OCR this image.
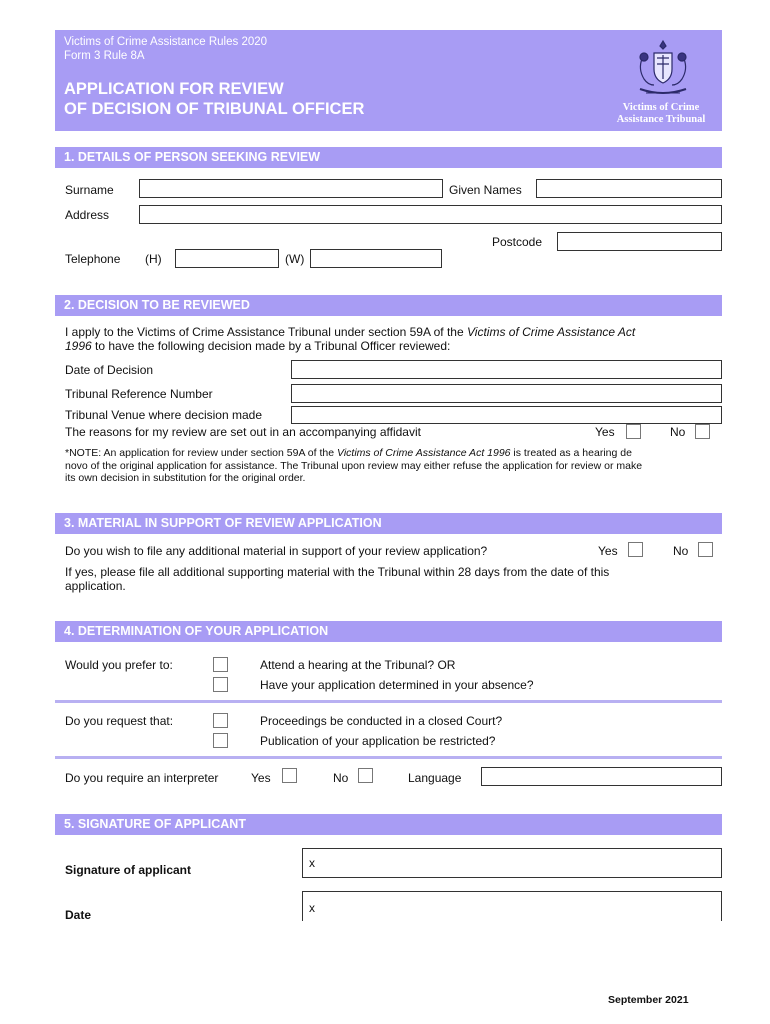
Victims of Crime Assistance Rules 2020
Form 3 Rule 8A
APPLICATION FOR REVIEW
OF DECISION OF TRIBUNAL OFFICER	Victims of Crime
Assistance Tribunal
1. DETAILS OF PERSON SEEKING REVIEW
Surname	Given Names
Address
Postcode
Telephone (H)	(W)
2. DECISION TO BE REVIEWED
I apply to the Victims of Crime Assistance Tribunal under section 59A of the Victims of Crime Assistance Act
1996 to have the following decision made by a Tribunal Officer reviewed:
Date of Decision
Tribunal Reference Number
Tribunal Venue where decision made
The reasons for my review are set out in an accompanying affidavit	Yes	No
*NOTE: An application for review under section 59A of the Victims of Crime Assistance Act 1996 is treated as a hearing de
novo of the original application for assistance. The Tribunal upon review may either refuse the application for review or make
its own decision in substitution for the original order.
3. MATERIAL IN SUPPORT OF REVIEW APPLICATION
Do you wish to file any additional material in support of your review application?	Yes	No
If yes, please file all additional supporting material with the Tribunal within 28 days from the date of this
application.
4. DETERMINATION OF YOUR APPLICATION
Would you prefer to:	Attend a hearing at the Tribunal? OR
Have your application determined in your absence?
Do you request that:	Proceedings be conducted in a closed Court?
Publication of your application be restricted?
Do you require an interpreter	Yes	No	Language
5. SIGNATURE OF APPLICANT
Signature of applicant	x
Date	x
September 2021
